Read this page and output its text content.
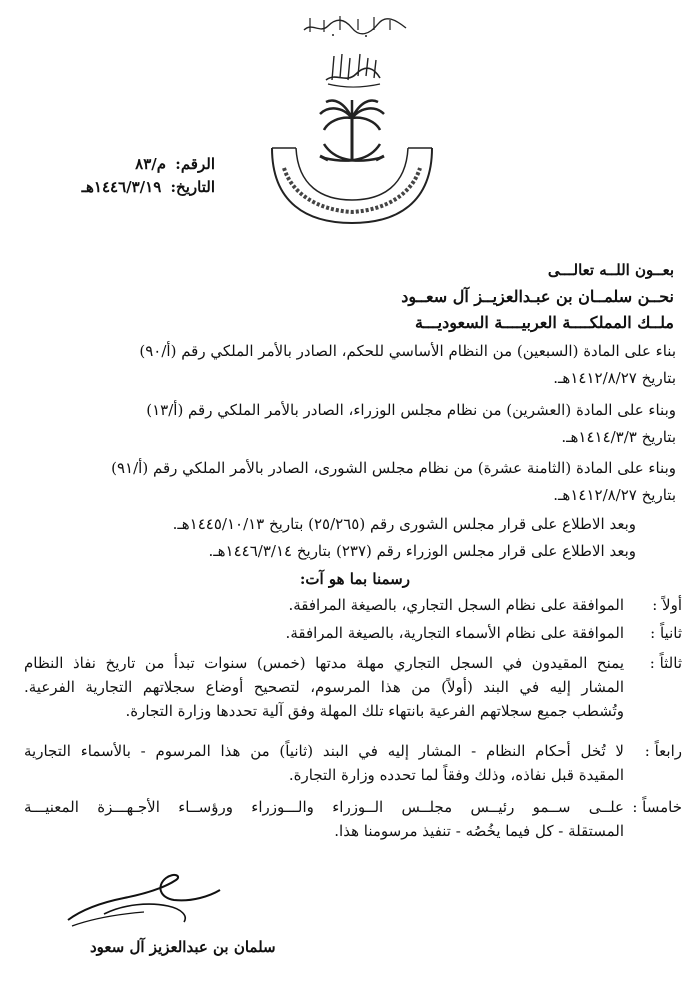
الرقم: م/٨٣
التاريخ: ١٤٤٦/٣/١٩هـ
بعــون اللــه تعالـــى
نحــن سلمــان بن عبـدالعزيــز آل سعــود
ملــك المملكــــة العربيــــة السعوديـــة
بناء على المادة (السبعين) من النظام الأساسي للحكم، الصادر بالأمر الملكي رقم (أ/٩٠)
بتاريخ ١٤١٢/٨/٢٧هـ.
وبناء على المادة (العشرين) من نظام مجلس الوزراء، الصادر بالأمر الملكي رقم (أ/١٣)
بتاريخ ١٤١٤/٣/٣هـ.
وبناء على المادة (الثامنة عشرة) من نظام مجلس الشورى، الصادر بالأمر الملكي رقم (أ/٩١)
بتاريخ ١٤١٢/٨/٢٧هـ.
وبعد الاطلاع على قرار مجلس الشورى رقم (٢٥/٢٦٥) بتاريخ ١٤٤٥/١٠/١٣هـ.
وبعد الاطلاع على قرار مجلس الوزراء رقم (٢٣٧) بتاريخ ١٤٤٦/٣/١٤هـ.
رسمنا بما هو آت:
أولاً :
الموافقة على نظام السجل التجاري، بالصيغة المرافقة.
ثانياً :
الموافقة على نظام الأسماء التجارية، بالصيغة المرافقة.
ثالثاً :
يمنح المقيدون في السجل التجاري مهلة مدتها (خمس) سنوات تبدأ من تاريخ نفاذ النظام
المشار إليه في البند (أولاً) من هذا المرسوم، لتصحيح أوضاع سجلاتهم التجارية الفرعية.
وتُشطب جميع سجلاتهم الفرعية بانتهاء تلك المهلة وفق آلية تحددها وزارة التجارة.
رابعاً :
لا تُخل أحكام النظام - المشار إليه في البند (ثانياً) من هذا المرسوم - بالأسماء التجارية
المقيدة قبل نفاذه، وذلك وفقاً لما تحدده وزارة التجارة.
خامساً :
علــى ســمو رئيــس مجلــس الــوزراء والـــوزراء ورؤســاء الأجـهـــزة المعنيـــة
المستقلة - كل فيما يخُصُه - تنفيذ مرسومنا هذا.
سلمان بن عبدالعزيز آل سعود
